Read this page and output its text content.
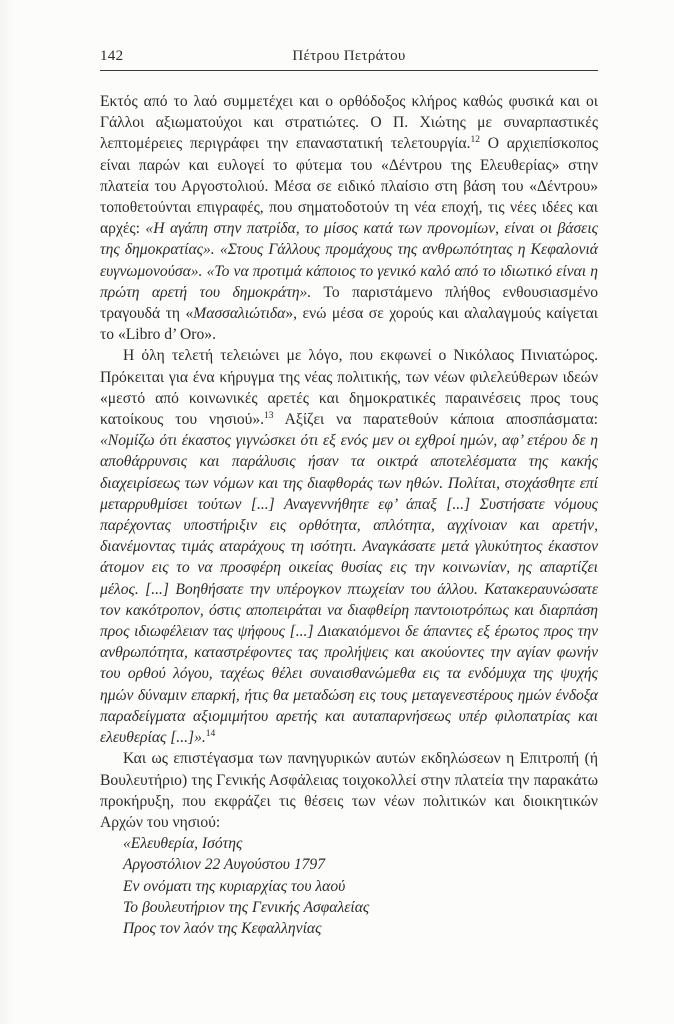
142	Πέτρου Πετράτου

Εκτός από το λαό συμμετέχει και ο ορθόδοξος κλήρος καθώς φυσικά και οι Γάλλοι αξιωματούχοι και στρατιώτες. Ο Π. Χιώτης με συναρπαστικές λεπτομέρειες περιγράφει την επαναστατική τελετουργία.$^{12}$ Ο αρχιεπίσκοπος είναι παρών και ευλογεί το φύτεμα του «Δέντρου της Ελευθερίας» στην πλατεία του Αργοστολιού. Μέσα σε ειδικό πλαίσιο στη βάση του «Δέντρου» τοποθετούνται επιγραφές, που σηματοδοτούν τη νέα εποχή, τις νέες ιδέες και αρχές: «Η αγάπη στην πατρίδα, το μίσος κατά των προνομίων, είναι οι βάσεις της δημοκρατίας». «Στους Γάλλους προμάχους της ανθρωπότητας η Κεφαλονιά ευγνωμονούσα». «Το να προτιμά κάποιος το γενικό καλό από το ιδιωτικό είναι η πρώτη αρετή του δημοκράτη». Το παριστάμενο πλήθος ενθουσιασμένο τραγουδά τη «Μασσαλιώτιδα», ενώ μέσα σε χορούς και αλαλαγμούς καίγεται το «Libro d’ Oro».

Η όλη τελετή τελειώνει με λόγο, που εκφωνεί ο Νικόλαος Πινιατώρος. Πρόκειται για ένα κήρυγμα της νέας πολιτικής, των νέων φιλελεύθερων ιδεών «μεστό από κοινωνικές αρετές και δημοκρατικές παραινέσεις προς τους κατοίκους του νησιού».$^{13}$ Αξίζει να παρατεθούν κάποια αποσπάσματα: «Νομίζω ότι έκαστος γιγνώσκει ότι εξ ενός μεν οι εχθροί ημών, αφ’ ετέρου δε η αποθάρρυνσις και παράλυσις ήσαν τα οικτρά αποτελέσματα της κακής διαχειρίσεως των νόμων και της διαφθοράς των ηθών. Πολίται, στοχάσθητε επί μεταρρυθμίσει τούτων [...] Αναγεννήθητε εφ’ άπαξ [...] Συστήσατε νόμους παρέχοντας υποστήριξιν εις ορθότητα, απλότητα, αγχίνοιαν και αρετήν, διανέμοντας τιμάς αταράχους τη ισότητι. Αναγκάσατε μετά γλυκύτητος έκαστον άτομον εις το να προσφέρη οικείας θυσίας εις την κοινωνίαν, ης απαρτίζει μέλος. [...] Βοηθήσατε την υπέρογκον πτωχείαν του άλλου. Κατακεραυνώσατε τον κακότροπον, όστις αποπειράται να διαφθείρη παντοιοτρόπως και διαρπάση προς ιδιωφέλειαν τας ψήφους [...] Διακαιόμενοι δε άπαντες εξ έρωτος προς την ανθρωπότητα, καταστρέφοντες τας προλήψεις και ακούοντες την αγίαν φωνήν του ορθού λόγου, ταχέως θέλει συναισθανώμεθα εις τα ενδόμυχα της ψυχής ημών δύναμιν επαρκή, ήτις θα μεταδώση εις τους μεταγενεστέρους ημών ένδοξα παραδείγματα αξιομιμήτου αρετής και αυταπαρνήσεως υπέρ φιλοπατρίας και ελευθερίας [...]».$^{14}$

Και ως επιστέγασμα των πανηγυρικών αυτών εκδηλώσεων η Επιτροπή (ή Βουλευτήριο) της Γενικής Ασφάλειας τοιχοκολλεί στην πλατεία την παρακάτω προκήρυξη, που εκφράζει τις θέσεις των νέων πολιτικών και διοικητικών Αρχών του νησιού:

«Ελευθερία, Ισότης
Αργοστόλιον 22 Αυγούστου 1797
Εν ονόματι της κυριαρχίας του λαού
Το βουλευτήριον της Γενικής Ασφαλείας
Προς τον λαόν της Κεφαλληνίας
